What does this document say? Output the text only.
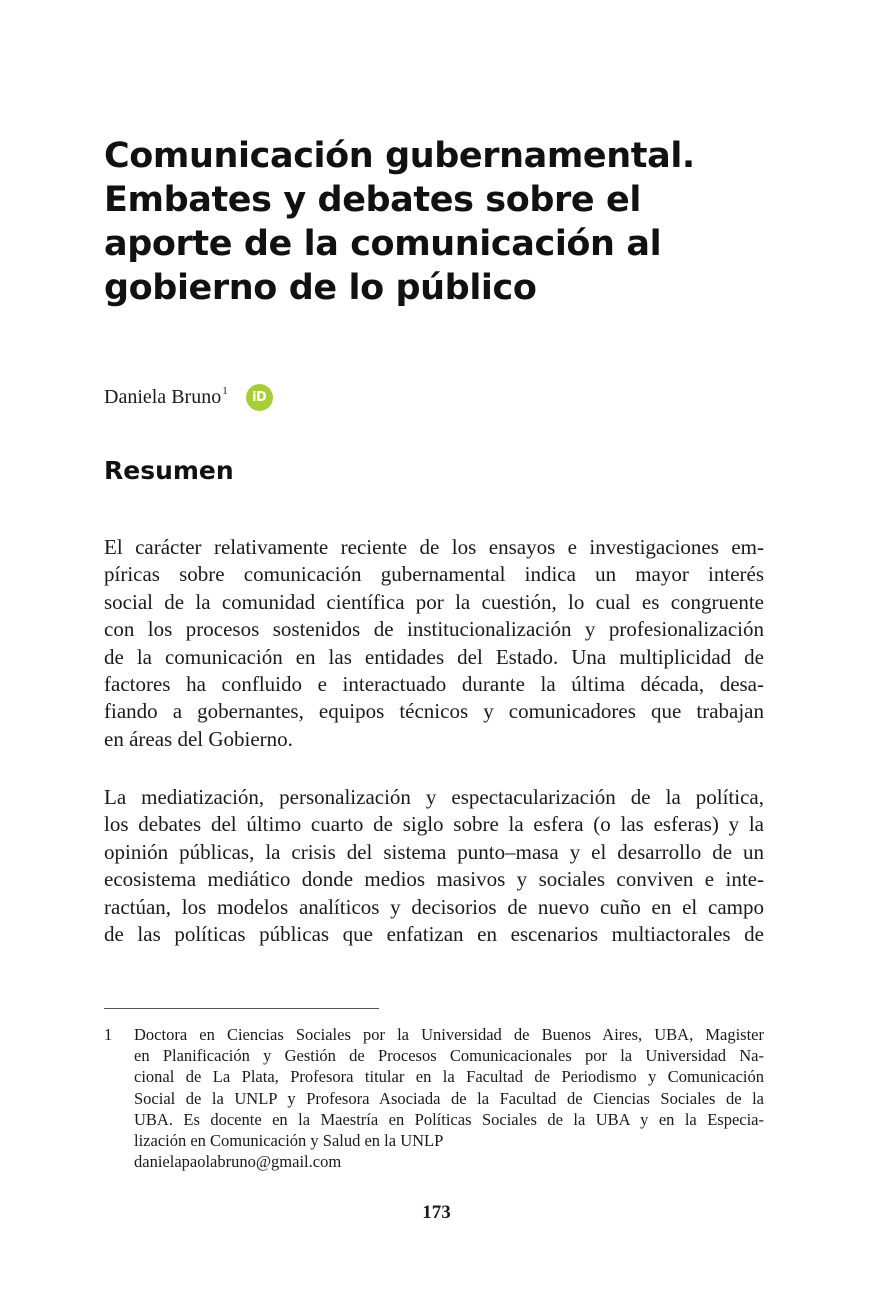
Comunicación gubernamental.
Embates y debates sobre el
aporte de la comunicación al
gobierno de lo público
Daniela Bruno$^1$ iD
Resumen
El carácter relativamente reciente de los ensayos e investigaciones em-
píricas sobre comunicación gubernamental indica un mayor interés
social de la comunidad científica por la cuestión, lo cual es congruente
con los procesos sostenidos de institucionalización y profesionalización
de la comunicación en las entidades del Estado. Una multiplicidad de
factores ha confluido e interactuado durante la última década, desa-
fiando a gobernantes, equipos técnicos y comunicadores que trabajan
en áreas del Gobierno.
La mediatización, personalización y espectacularización de la política,
los debates del último cuarto de siglo sobre la esfera (o las esferas) y la
opinión públicas, la crisis del sistema punto–masa y el desarrollo de un
ecosistema mediático donde medios masivos y sociales conviven e inte-
ractúan, los modelos analíticos y decisorios de nuevo cuño en el campo
de las políticas públicas que enfatizan en escenarios multiactorales de
1 Doctora en Ciencias Sociales por la Universidad de Buenos Aires, UBA, Magister
en Planificación y Gestión de Procesos Comunicacionales por la Universidad Na-
cional de La Plata, Profesora titular en la Facultad de Periodismo y Comunicación
Social de la UNLP y Profesora Asociada de la Facultad de Ciencias Sociales de la
UBA. Es docente en la Maestría en Políticas Sociales de la UBA y en la Especia-
lización en Comunicación y Salud en la UNLP
danielapaolabruno@gmail.com
173
